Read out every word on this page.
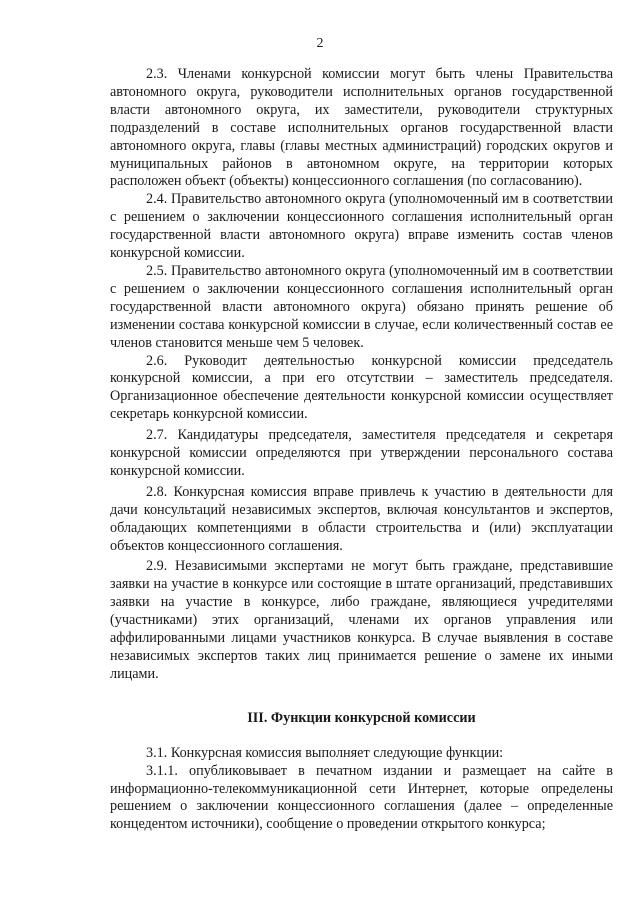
2

2.3. Членами конкурсной комиссии могут быть члены Правительства автономного округа, руководители исполнительных органов государственной власти автономного округа, их заместители, руководители структурных подразделений в составе исполнительных органов государственной власти автономного округа, главы (главы местных администраций) городских округов и муниципальных районов в автономном округе, на территории которых расположен объект (объекты) концессионного соглашения (по согласованию).

2.4. Правительство автономного округа (уполномоченный им в соответствии с решением о заключении концессионного соглашения исполнительный орган государственной власти автономного округа) вправе изменить состав членов конкурсной комиссии.

2.5. Правительство автономного округа (уполномоченный им в соответствии с решением о заключении концессионного соглашения исполнительный орган государственной власти автономного округа) обязано принять решение об изменении состава конкурсной комиссии в случае, если количественный состав ее членов становится меньше чем 5 человек.

2.6. Руководит деятельностью конкурсной комиссии председатель конкурсной комиссии, а при его отсутствии – заместитель председателя. Организационное обеспечение деятельности конкурсной комиссии осуществляет секретарь конкурсной комиссии.

2.7. Кандидатуры председателя, заместителя председателя и секретаря конкурсной комиссии определяются при утверждении персонального состава конкурсной комиссии.

2.8. Конкурсная комиссия вправе привлечь к участию в деятельности для дачи консультаций независимых экспертов, включая консультантов и экспертов, обладающих компетенциями в области строительства и (или) эксплуатации объектов концессионного соглашения.

2.9. Независимыми экспертами не могут быть граждане, представившие заявки на участие в конкурсе или состоящие в штате организаций, представивших заявки на участие в конкурсе, либо граждане, являющиеся учредителями (участниками) этих организаций, членами их органов управления или аффилированными лицами участников конкурса. В случае выявления в составе независимых экспертов таких лиц принимается решение о замене их иными лицами.

III. Функции конкурсной комиссии

3.1. Конкурсная комиссия выполняет следующие функции:

3.1.1. опубликовывает в печатном издании и размещает на сайте в информационно-телекоммуникационной сети Интернет, которые определены решением о заключении концессионного соглашения (далее – определенные концедентом источники), сообщение о проведении открытого конкурса;
